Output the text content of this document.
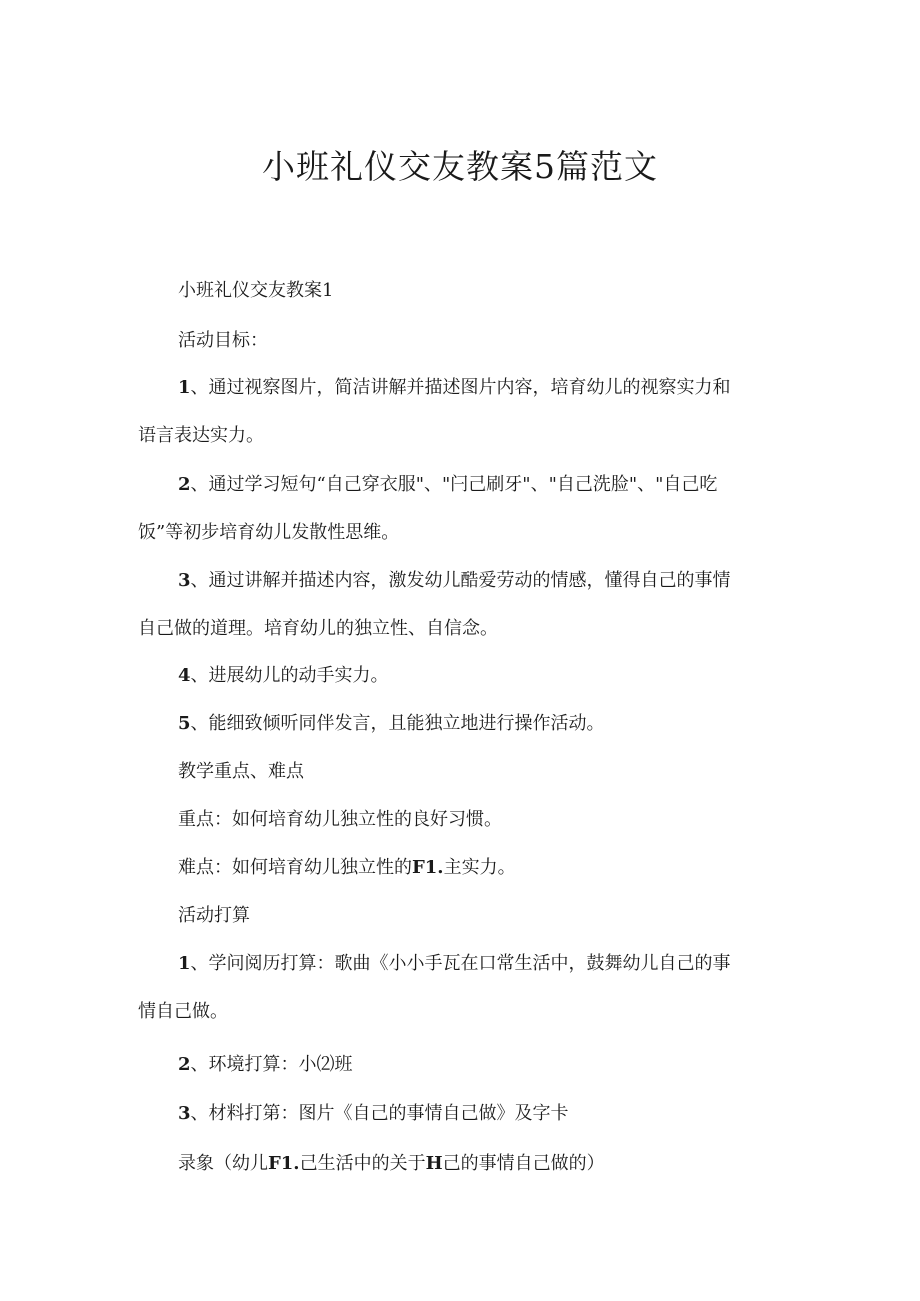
小班礼仪交友教案5篇范文

小班礼仪交友教案1

活动目标：

1、通过视察图片，简洁讲解并描述图片内容，培育幼儿的视察实力和

语言表达实力。

2、通过学习短句“自己穿衣服"、"闩己刷牙"、"自己洗脸"、"自己吃

饭”等初步培育幼儿发散性思维。

3、通过讲解并描述内容，激发幼儿酷爱劳动的情感，懂得自己的事情

自己做的道理。培育幼儿的独立性、自信念。

4、进展幼儿的动手实力。

5、能细致倾听同伴发言，且能独立地进行操作活动。

教学重点、难点

重点：如何培育幼儿独立性的良好习惯。

难点：如何培育幼儿独立性的F1.主实力。

活动打算

1、学问阅历打算：歌曲《小小手瓦在口常生活中，鼓舞幼儿自己的事

情自己做。

2、环境打算：小⑵班

3、材料打第：图片《自己的事情自己做》及字卡

录象（幼儿F1.己生活中的关于H己的事情自己做的）
